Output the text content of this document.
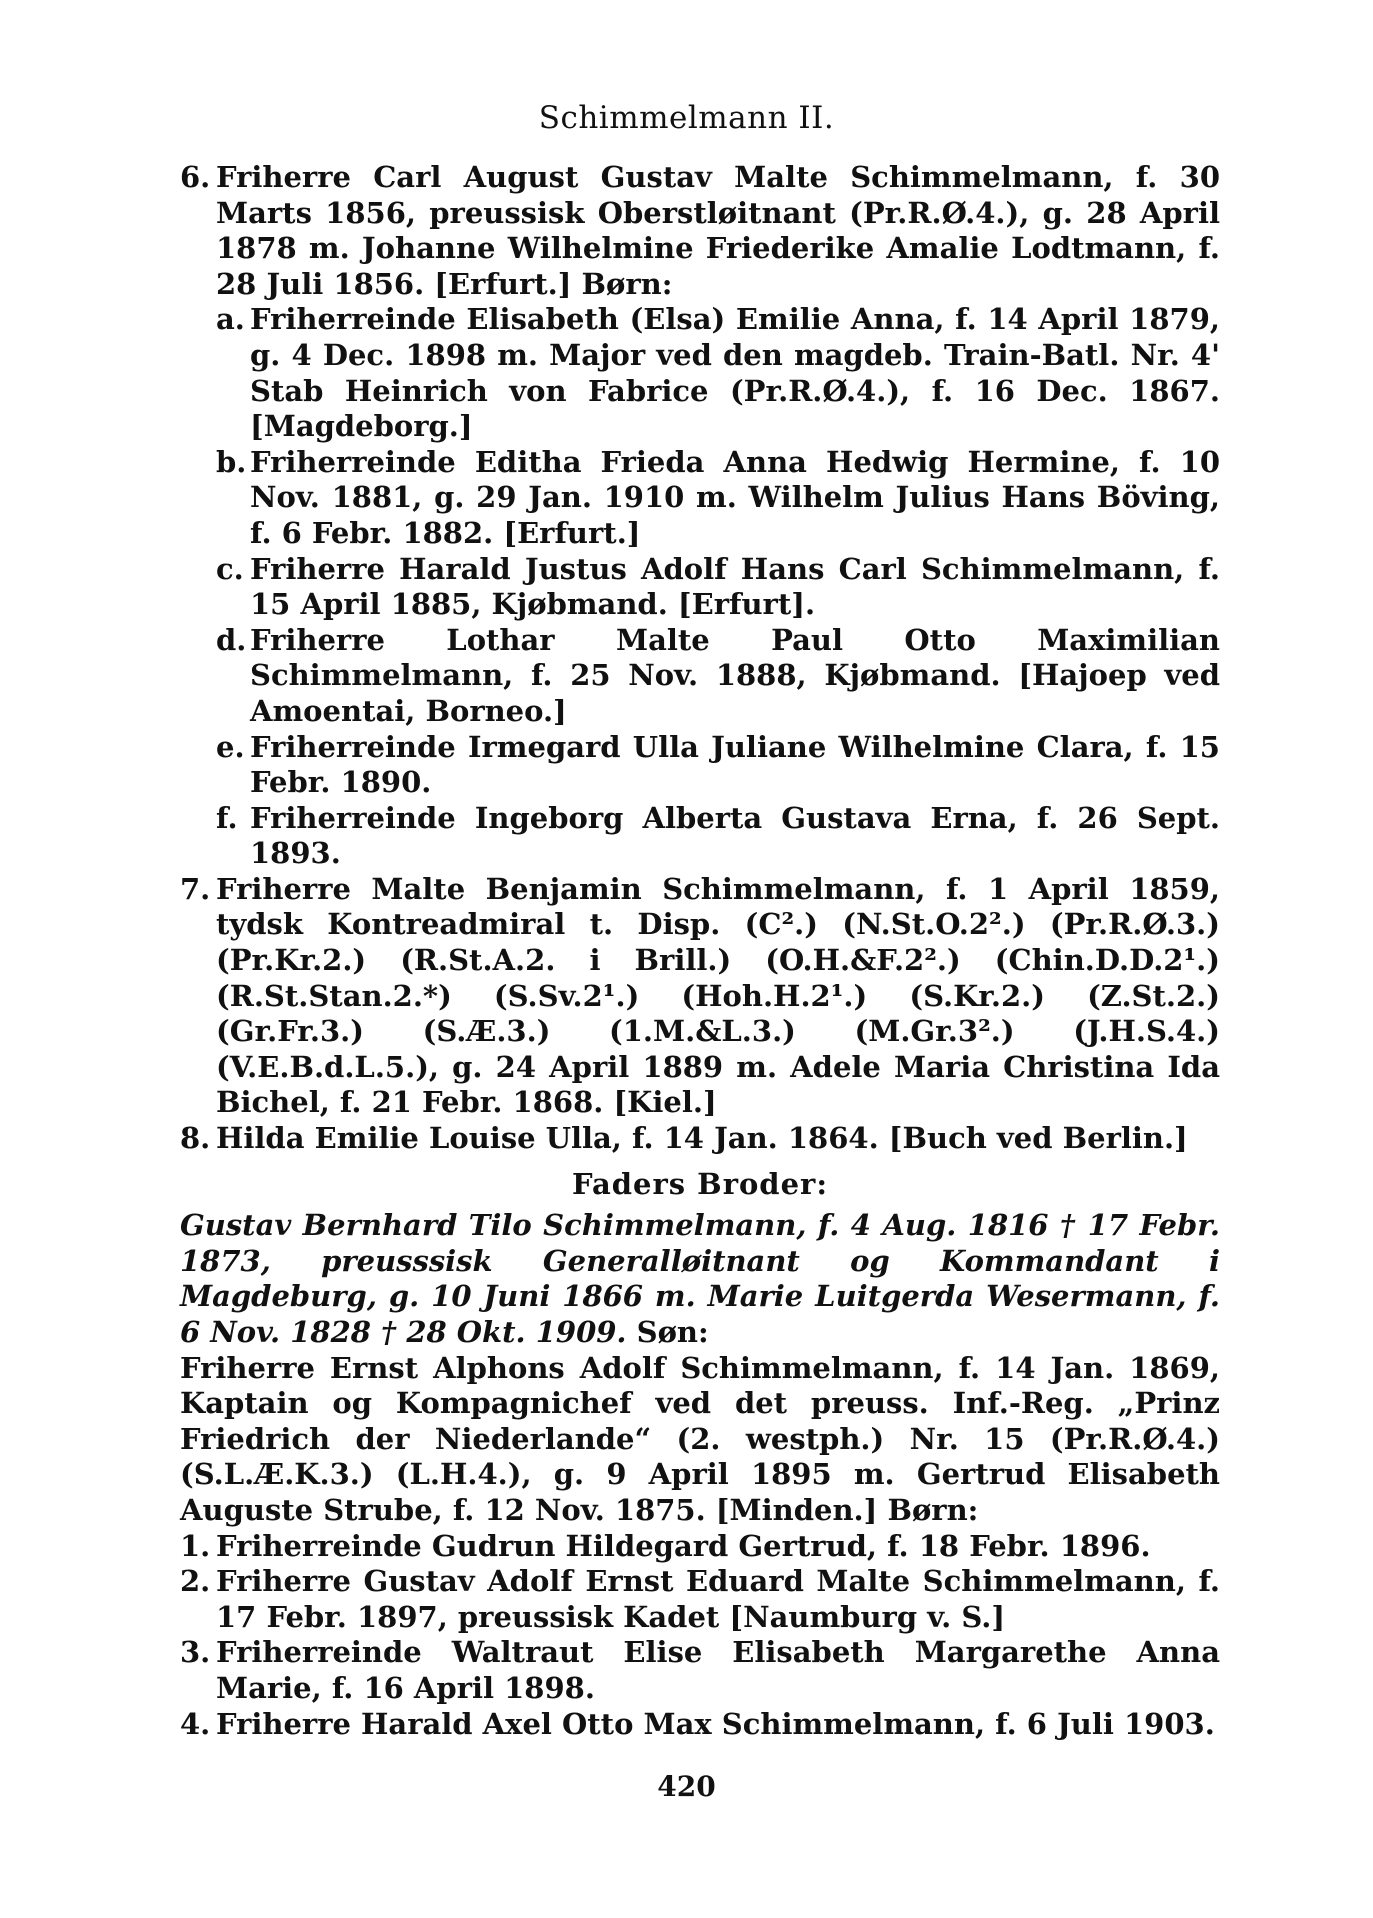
Schimmelmann II.
6. Friherre Carl August Gustav Malte Schimmelmann, f. 30 Marts 1856, preussisk Oberstløitnant (Pr.R.Ø.4.), g. 28 April 1878 m. Johanne Wilhelmine Friederike Amalie Lodtmann, f. 28 Juli 1856. [Erfurt.] Børn:
a. Friherreinde Elisabeth (Elsa) Emilie Anna, f. 14 April 1879, g. 4 Dec. 1898 m. Major ved den magdeb. Train-Batl. Nr. 4' Stab Heinrich von Fabrice (Pr.R.Ø.4.), f. 16 Dec. 1867. [Magdeborg.]
b. Friherreinde Editha Frieda Anna Hedwig Hermine, f. 10 Nov. 1881, g. 29 Jan. 1910 m. Wilhelm Julius Hans Böving, f. 6 Febr. 1882. [Erfurt.]
c. Friherre Harald Justus Adolf Hans Carl Schimmelmann, f. 15 April 1885, Kjøbmand. [Erfurt].
d. Friherre Lothar Malte Paul Otto Maximilian Schimmelmann, f. 25 Nov. 1888, Kjøbmand. [Hajoep ved Amoentai, Borneo.]
e. Friherreinde Irmegard Ulla Juliane Wilhelmine Clara, f. 15 Febr. 1890.
f. Friherreinde Ingeborg Alberta Gustava Erna, f. 26 Sept. 1893.
7. Friherre Malte Benjamin Schimmelmann, f. 1 April 1859, tydsk Kontreadmiral t. Disp. (C².) (N.St.O.2².) (Pr.R.Ø.3.) (Pr.Kr.2.) (R.St.A.2. i Brill.) (O.H.&F.2².) (Chin.D.D.2¹.) (R.St.Stan.2.*) (S.Sv.2¹.) (Hoh.H.2¹.) (S.Kr.2.) (Z.St.2.) (Gr.Fr.3.) (S.Æ.3.) (1.M.&L.3.) (M.Gr.3².) (J.H.S.4.) (V.E.B.d.L.5.), g. 24 April 1889 m. Adele Maria Christina Ida Bichel, f. 21 Febr. 1868. [Kiel.]
8. Hilda Emilie Louise Ulla, f. 14 Jan. 1864. [Buch ved Berlin.]
Faders Broder:
Gustav Bernhard Tilo Schimmelmann, f. 4 Aug. 1816 † 17 Febr. 1873, preusssisk Generalløitnant og Kommandant i Magdeburg, g. 10 Juni 1866 m. Marie Luitgerda Wesermann, f. 6 Nov. 1828 † 28 Okt. 1909. Søn:
Friherre Ernst Alphons Adolf Schimmelmann, f. 14 Jan. 1869, Kaptain og Kompagnichef ved det preuss. Inf.-Reg. „Prinz Friedrich der Niederlande“ (2. westph.) Nr. 15 (Pr.R.Ø.4.) (S.L.Æ.K.3.) (L.H.4.), g. 9 April 1895 m. Gertrud Elisabeth Auguste Strube, f. 12 Nov. 1875. [Minden.] Børn:
1. Friherreinde Gudrun Hildegard Gertrud, f. 18 Febr. 1896.
2. Friherre Gustav Adolf Ernst Eduard Malte Schimmelmann, f. 17 Febr. 1897, preussisk Kadet [Naumburg v. S.]
3. Friherreinde Waltraut Elise Elisabeth Margarethe Anna Marie, f. 16 April 1898.
4. Friherre Harald Axel Otto Max Schimmelmann, f. 6 Juli 1903.
420
